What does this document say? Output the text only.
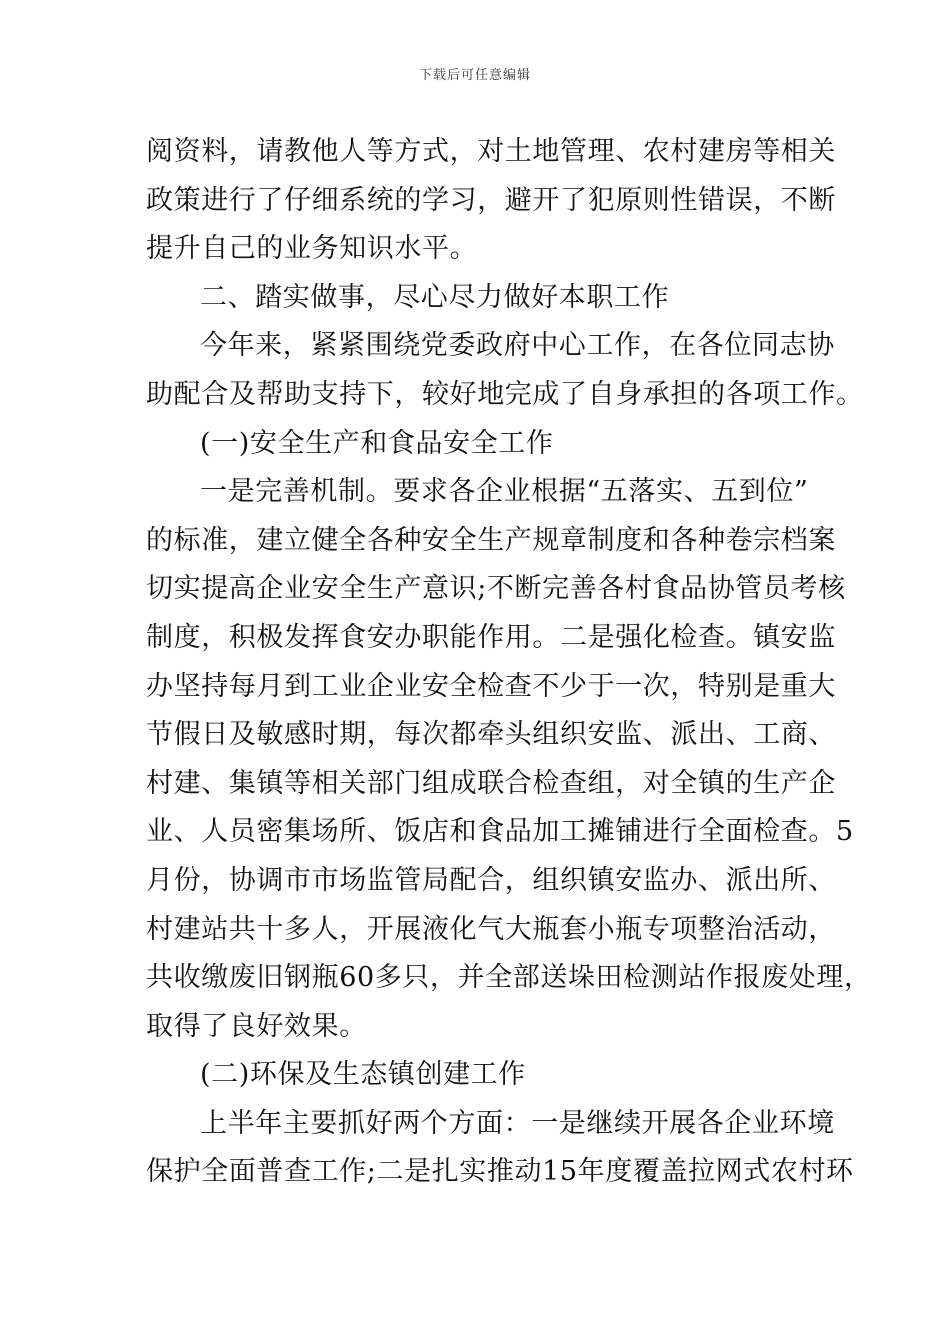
下载后可任意编辑
阅资料，请教他人等方式，对土地管理、农村建房等相关
政策进行了仔细系统的学习，避开了犯原则性错误，不断
提升自己的业务知识水平。
二、踏实做事，尽心尽力做好本职工作
今年来，紧紧围绕党委政府中心工作，在各位同志协
助配合及帮助支持下，较好地完成了自身承担的各项工作。
(一)安全生产和食品安全工作
一是完善机制。要求各企业根据“五落实、五到位”
的标准，建立健全各种安全生产规章制度和各种卷宗档案
切实提高企业安全生产意识;不断完善各村食品协管员考核
制度，积极发挥食安办职能作用。二是强化检查。镇安监
办坚持每月到工业企业安全检查不少于一次，特别是重大
节假日及敏感时期，每次都牵头组织安监、派出、工商、
村建、集镇等相关部门组成联合检查组，对全镇的生产企
业、人员密集场所、饭店和食品加工摊铺进行全面检查。5
月份，协调市市场监管局配合，组织镇安监办、派出所、
村建站共十多人，开展液化气大瓶套小瓶专项整治活动，
共收缴废旧钢瓶60多只，并全部送垛田检测站作报废处理，
取得了良好效果。
(二)环保及生态镇创建工作
上半年主要抓好两个方面：一是继续开展各企业环境
保护全面普查工作;二是扎实推动15年度覆盖拉网式农村环
